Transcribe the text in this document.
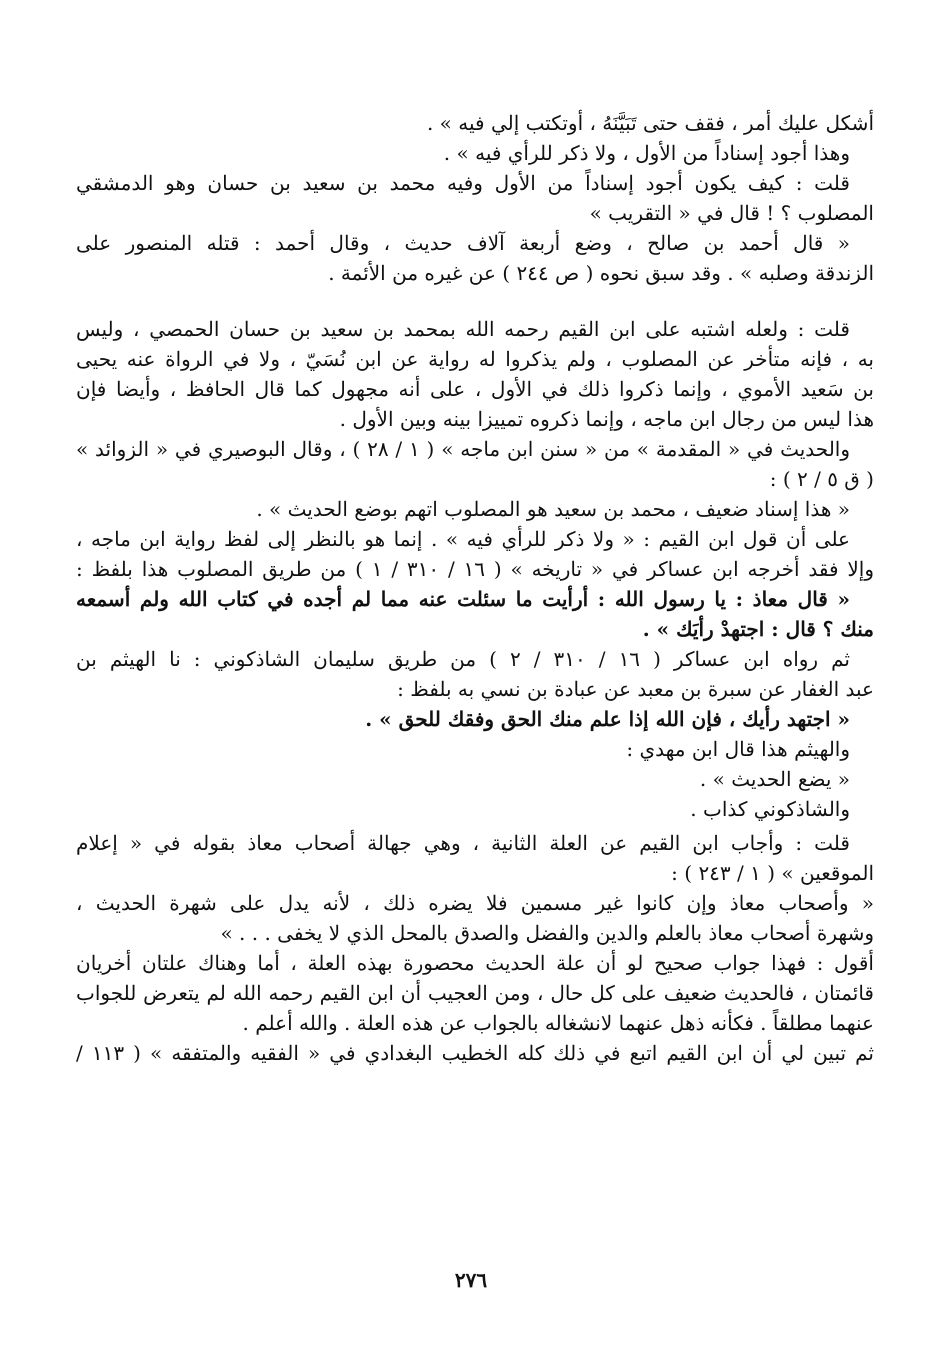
أشكل عليك أمر ، فقف حتى تَبَيَّنَهُ ، أوتكتب إلي فيه » .
وهذا أجود إسناداً من الأول ، ولا ذكر للرأي فيه » .
قلت : كيف يكون أجود إسناداً من الأول وفيه محمد بن سعيد بن حسان وهو الدمشقي
المصلوب ؟ ! قال في « التقريب »
« قال أحمد بن صالح ، وضع أربعة آلاف حديث ، وقال أحمد : قتله المنصور على
الزندقة وصلبه » . وقد سبق نحوه ( ص ٢٤٤ ) عن غيره من الأئمة .
قلت : ولعله اشتبه على ابن القيم رحمه الله بمحمد بن سعيد بن حسان الحمصي ، وليس
به ، فإنه متأخر عن المصلوب ، ولم يذكروا له رواية عن ابن نُسَيّ ، ولا في الرواة عنه يحيى
بن سَعيد الأموي ، وإنما ذكروا ذلك في الأول ، على أنه مجهول كما قال الحافظ ، وأيضا فإن
هذا ليس من رجال ابن ماجه ، وإنما ذكروه تمييزا بينه وبين الأول .
والحديث في « المقدمة » من « سنن ابن ماجه » ( ١ / ٢٨ ) ، وقال البوصيري في « الزوائد »
( ق ٥ / ٢ ) :
« هذا إسناد ضعيف ، محمد بن سعيد هو المصلوب اتهم بوضع الحديث » .
على أن قول ابن القيم : « ولا ذكر للرأي فيه » . إنما هو بالنظر إلى لفظ رواية ابن ماجه ،
وإلا فقد أخرجه ابن عساكر في « تاريخه » ( ١٦ / ٣١٠ / ١ ) من طريق المصلوب هذا بلفظ :
« قال معاذ : يا رسول الله : أرأيت ما سئلت عنه مما لم أجده في كتاب الله ولم أسمعه
منك ؟ قال : اجتهدْ رأيَك » .
ثم رواه ابن عساكر ( ١٦ / ٣١٠ / ٢ ) من طريق سليمان الشاذكوني : نا الهيثم بن
عبد الغفار عن سبرة بن معبد عن عبادة بن نسي به بلفظ :
« اجتهد رأيك ، فإن الله إذا علم منك الحق وفقك للحق » .
والهيثم هذا قال ابن مهدي :
« يضع الحديث » .
والشاذكوني كذاب .
قلت : وأجاب ابن القيم عن العلة الثانية ، وهي جهالة أصحاب معاذ بقوله في « إعلام
الموقعين » ( ١ / ٢٤٣ ) :
« وأصحاب معاذ وإن كانوا غير مسمين فلا يضره ذلك ، لأنه يدل على شهرة الحديث ،
وشهرة أصحاب معاذ بالعلم والدين والفضل والصدق بالمحل الذي لا يخفى . . . »
أقول : فهذا جواب صحيح لو أن علة الحديث محصورة بهذه العلة ، أما وهناك علتان أخريان
قائمتان ، فالحديث ضعيف على كل حال ، ومن العجيب أن ابن القيم رحمه الله لم يتعرض للجواب
عنهما مطلقاً . فكأنه ذهل عنهما لانشغاله بالجواب عن هذه العلة . والله أعلم .
ثم تبين لي أن ابن القيم اتبع في ذلك كله الخطيب البغدادي في « الفقيه والمتفقه » ( ١١٣ /
٢٧٦
